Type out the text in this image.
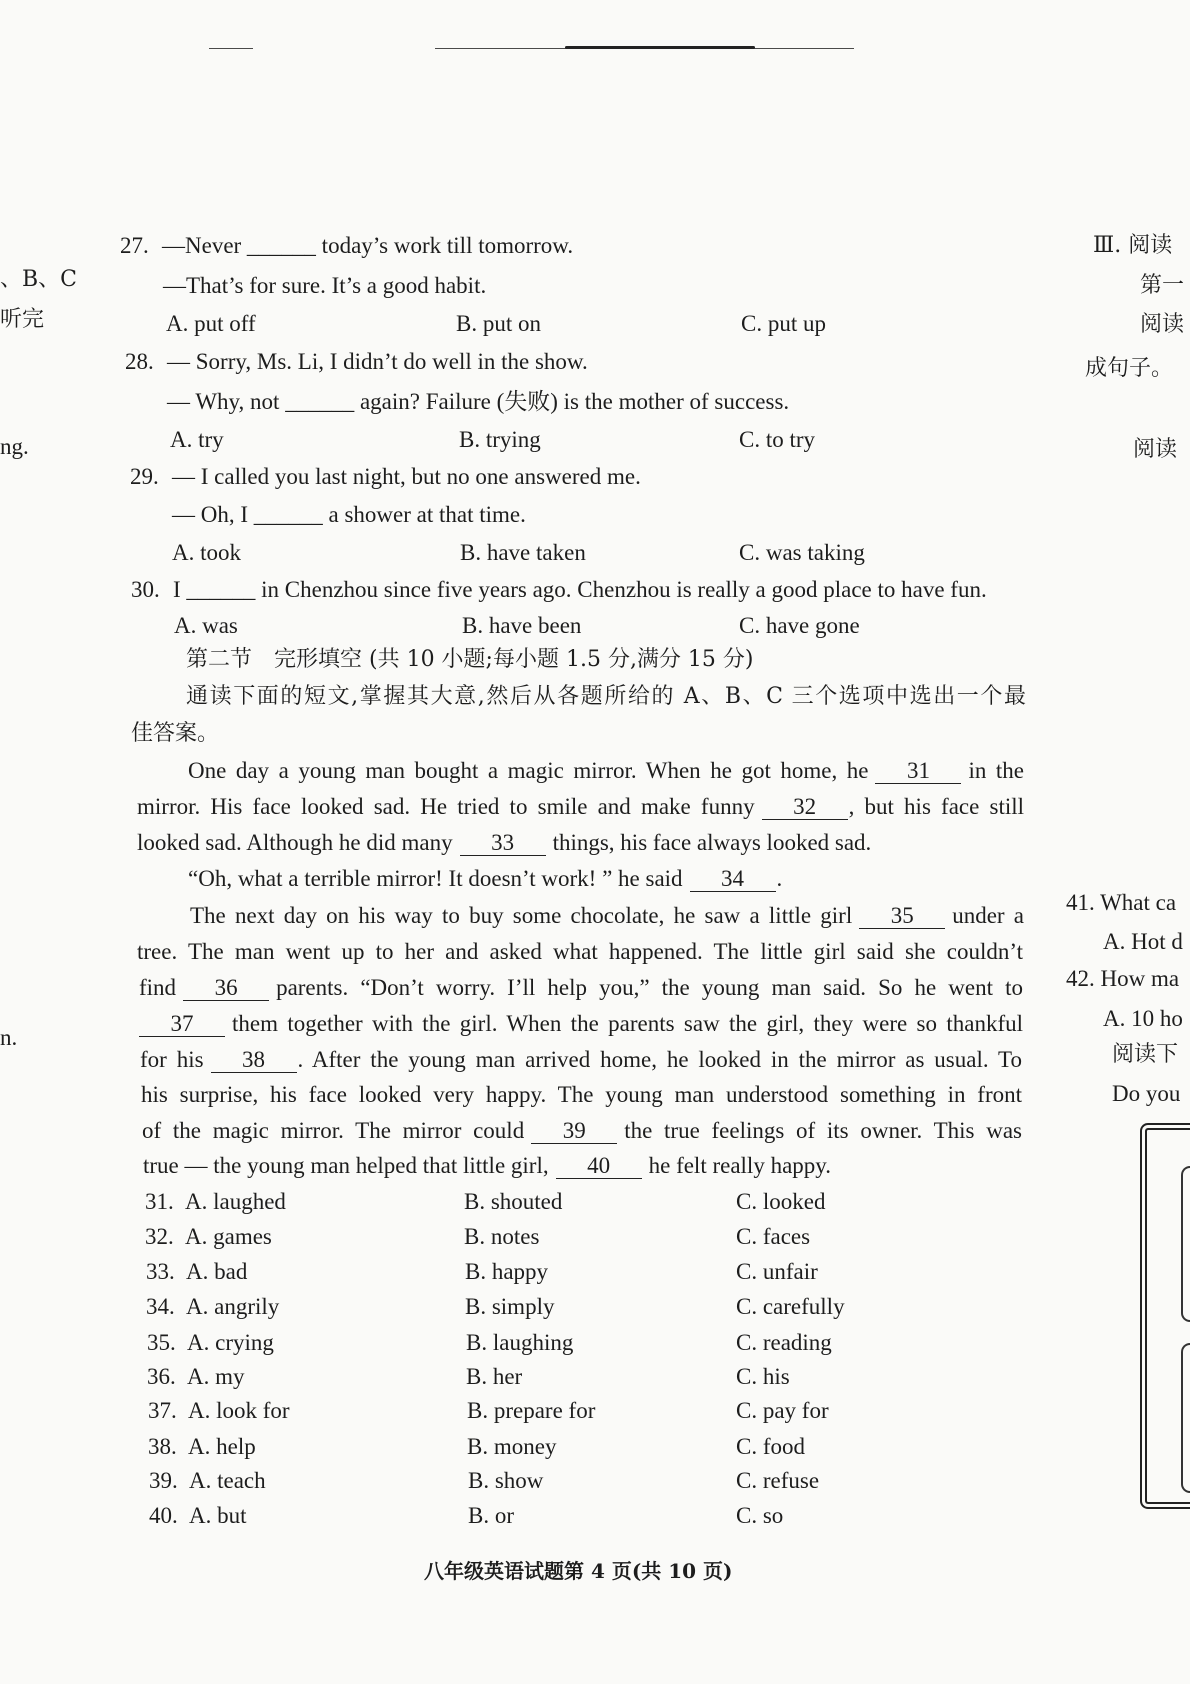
、B、C
听完
ng.
n.
Ⅲ. 阅读
第一
阅读
成句子。
阅读
41. What ca
A. Hot d
42. How ma
A. 10 ho
阅读下
Do you
27. —Never ______ today’s work till tomorrow.
—That’s for sure. It’s a good habit.
A. put off	B. put on	C. put up
28. — Sorry, Ms. Li, I didn’t do well in the show.
— Why, not ______ again? Failure (失败) is the mother of success.
A. try	B. trying	C. to try
29. — I called you last night, but no one answered me.
— Oh, I ______ a shower at that time.
A. took	B. have taken	C. was taking
30. I ______ in Chenzhou since five years ago. Chenzhou is really a good place to have fun.
A. was	B. have been	C. have gone
第二节　完形填空 (共 10 小题;每小题 1.5 分,满分 15 分)
通读下面的短文,掌握其大意,然后从各题所给的 A、B、C 三个选项中选出一个最
佳答案。
One day a young man bought a magic mirror. When he got home, he 31 in the
mirror. His face looked sad. He tried to smile and make funny 32 , but his face still
looked sad. Although he did many 33 things, his face always looked sad.
“Oh, what a terrible mirror! It doesn’t work! ” he said 34 .
The next day on his way to buy some chocolate, he saw a little girl 35 under a
tree. The man went up to her and asked what happened. The little girl said she couldn’t
find 36 parents. “Don’t worry. I’ll help you,” the young man said. So he went to
37 them together with the girl. When the parents saw the girl, they were so thankful
for his 38 . After the young man arrived home, he looked in the mirror as usual. To
his surprise, his face looked very happy. The young man understood something in front
of the magic mirror. The mirror could 39 the true feelings of its owner. This was
true — the young man helped that little girl, 40 he felt really happy.
31. A. laughed	B. shouted	C. looked
32. A. games	B. notes	C. faces
33. A. bad	B. happy	C. unfair
34. A. angrily	B. simply	C. carefully
35. A. crying	B. laughing	C. reading
36. A. my	B. her	C. his
37. A. look for	B. prepare for	C. pay for
38. A. help	B. money	C. food
39. A. teach	B. show	C. refuse
40. A. but	B. or	C. so
八年级英语试题第 4 页(共 10 页)
